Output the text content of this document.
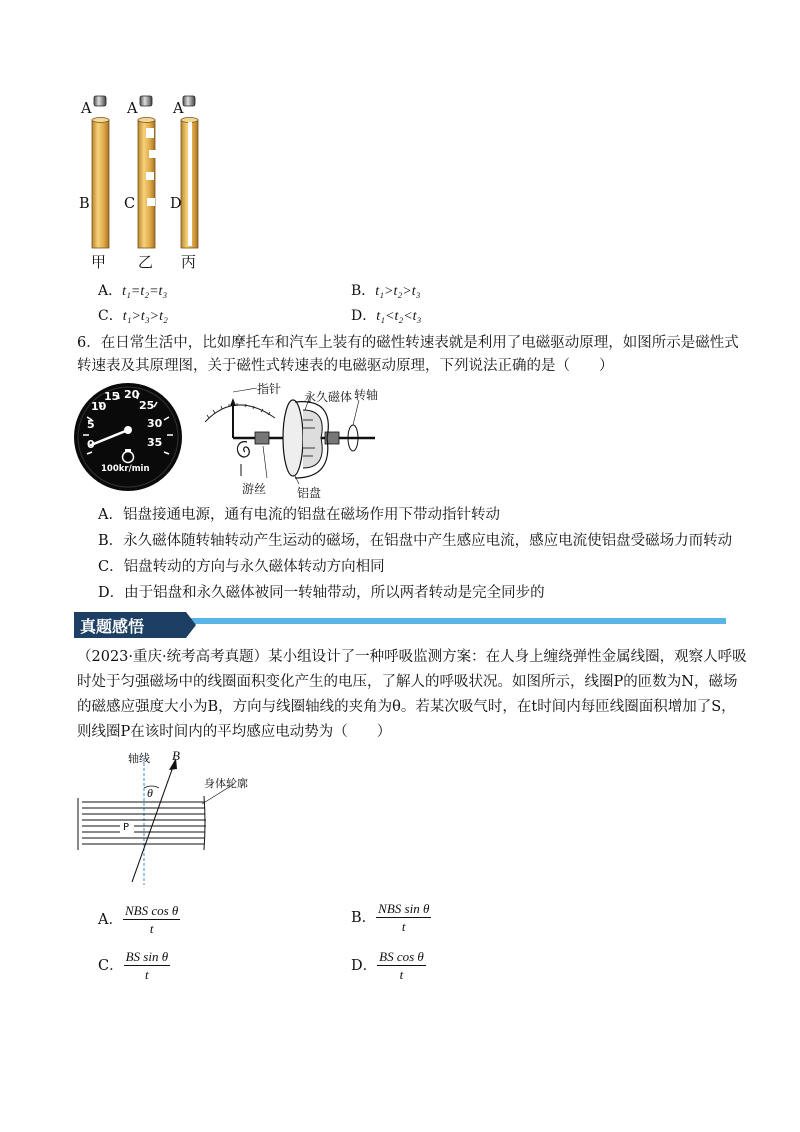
A A A
B C D
甲 乙 丙
A．t₁=t₂=t₃	B．t₁>t₂>t₃
C．t₁>t₃>t₂	D．t₁<t₂<t₃
6．在日常生活中，比如摩托车和汽车上装有的磁性转速表就是利用了电磁驱动原理，如图所示是磁性式
转速表及其原理图，关于磁性式转速表的电磁驱动原理，下列说法正确的是（　　）
0
5
10
15 20
25
30
35
100kr/min
指针
永久磁体 转轴
游丝	铝盘
A．铝盘接通电源，通有电流的铝盘在磁场作用下带动指针转动
B．永久磁体随转轴转动产生运动的磁场，在铝盘中产生感应电流，感应电流使铝盘受磁场力而转动
C．铝盘转动的方向与永久磁体转动方向相同
D．由于铝盘和永久磁体被同一转轴带动，所以两者转动是完全同步的
真题感悟
（2023·重庆·统考高考真题）某小组设计了一种呼吸监测方案：在人身上缠绕弹性金属线圈，观察人呼吸
时处于匀强磁场中的线圈面积变化产生的电压，了解人的呼吸状况。如图所示，线圈P的匝数为N，磁场
的磁感应强度大小为B，方向与线圈轴线的夹角为θ。若某次吸气时，在t时间内每匝线圈面积增加了S，
则线圈P在该时间内的平均感应电动势为（　　）
轴线 B
θ
身体轮廓
P
A． $\frac{\text{NBS cos θ}}{t}$	B． $\frac{\text{NBS sin θ}}{t}$
C． $\frac{\text{BS sin θ}}{t}$	D． $\frac{\text{BS cos θ}}{t}$
